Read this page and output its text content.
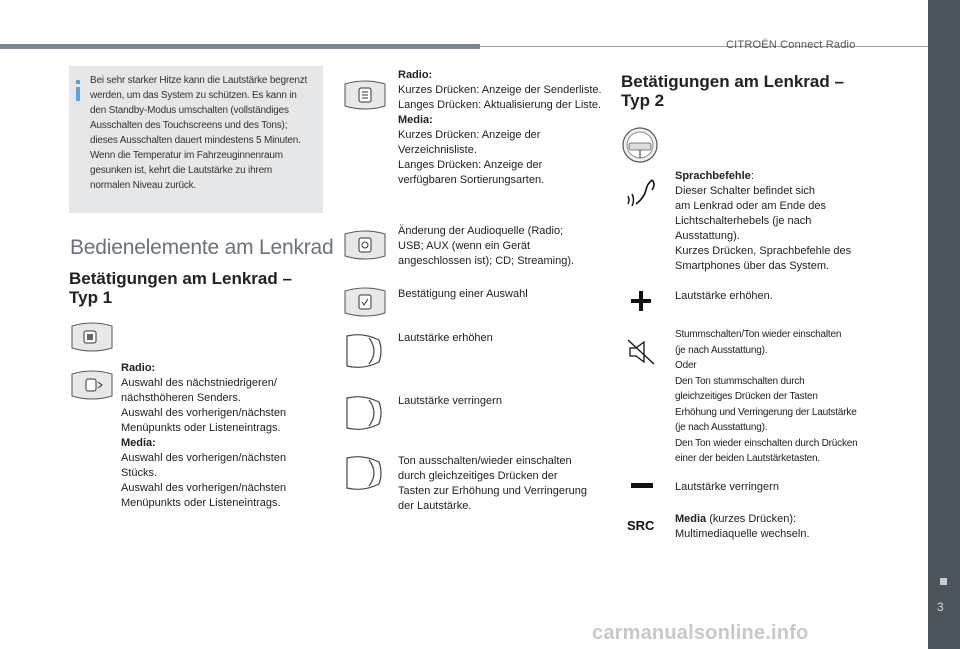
CITROËN Connect Radio
3
Bei sehr starker Hitze kann die Lautstärke begrenzt
werden, um das System zu schützen. Es kann in
den Standby-Modus umschalten (vollständiges
Ausschalten des Touchscreens und des Tons);
dieses Ausschalten dauert mindestens 5 Minuten.
Wenn die Temperatur im Fahrzeuginnenraum
gesunken ist, kehrt die Lautstärke zu ihrem
normalen Niveau zurück.
Bedienelemente am Lenkrad
Betätigungen am Lenkrad –
Typ 1
Radio:
Auswahl des nächstniedrigeren/
nächsthöheren Senders.
Auswahl des vorherigen/nächsten
Menüpunkts oder Listeneintrags.
Media:
Auswahl des vorherigen/nächsten
Stücks.
Auswahl des vorherigen/nächsten
Menüpunkts oder Listeneintrags.
Radio:
Kurzes Drücken: Anzeige der Senderliste.
Langes Drücken: Aktualisierung der Liste.
Media:
Kurzes Drücken: Anzeige der
Verzeichnisliste.
Langes Drücken: Anzeige der
verfügbaren Sortierungsarten.
Änderung der Audioquelle (Radio;
USB; AUX (wenn ein Gerät
angeschlossen ist); CD; Streaming).
Bestätigung einer Auswahl
Lautstärke erhöhen
Lautstärke verringern
Ton ausschalten/wieder einschalten
durch gleichzeitiges Drücken der
Tasten zur Erhöhung und Verringerung
der Lautstärke.
Betätigungen am Lenkrad –
Typ 2
Sprachbefehle:
Dieser Schalter befindet sich
am Lenkrad oder am Ende des
Lichtschalterhebels (je nach
Ausstattung).
Kurzes Drücken, Sprachbefehle des
Smartphones über das System.
Lautstärke erhöhen.
Stummschalten/Ton wieder einschalten
(je nach Ausstattung).
Oder
Den Ton stummschalten durch
gleichzeitiges Drücken der Tasten
Erhöhung und Verringerung der Lautstärke
(je nach Ausstattung).
Den Ton wieder einschalten durch Drücken
einer der beiden Lautstärketasten.
Lautstärke verringern
SRC Media (kurzes Drücken):
Multimediaquelle wechseln.
carmanualsonline.info
